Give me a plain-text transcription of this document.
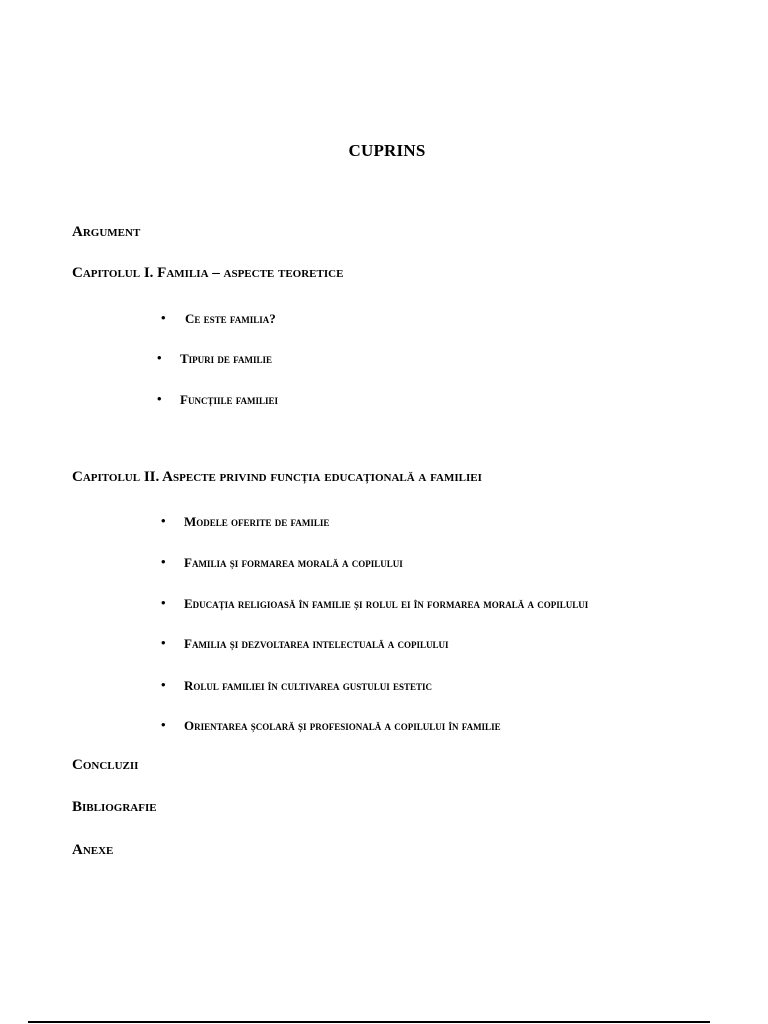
CUPRINS
Argument
Capitolul I. Familia – aspecte teoretice
• Ce este familia?
• Tipuri de familie
• Funcțiile familiei
Capitolul II. Aspecte privind funcția educațională a familiei
• Modele oferite de familie
• Familia și formarea morală a copilului
• Educația religioasă în familie și rolul ei în formarea morală a copilului
• Familia și dezvoltarea intelectuală a copilului
• Rolul familiei în cultivarea gustului estetic
• Orientarea școlară și profesională a copilului în familie
Concluzii
Bibliografie
Anexe
